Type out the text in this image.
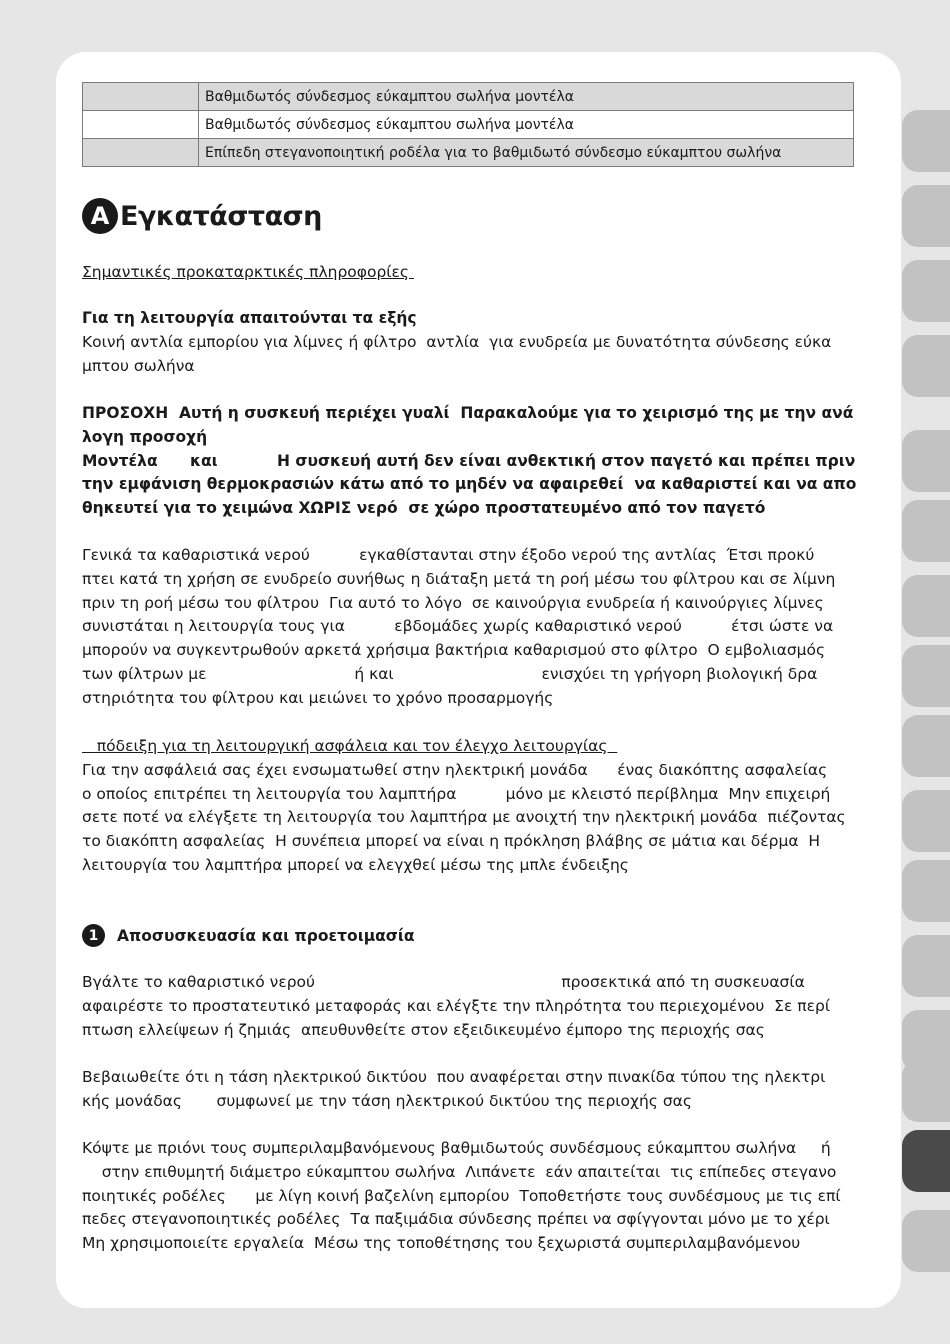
	Βαθμιδωτός σύνδεσμος εύκαμπτου σωλήνα μοντέλα
	Βαθμιδωτός σύνδεσμος εύκαμπτου σωλήνα μοντέλα
	Επίπεδη στεγανοποιητική ροδέλα για το βαθμιδωτό σύνδεσμο εύκαμπτου σωλήνα
A Εγκατάσταση

Σημαντικές προκαταρκτικές πληροφορίες

Για τη λειτουργία απαιτούνται τα εξής

Κοινή αντλία εμπορίου για λίμνες ή φίλτρο  αντλία  για ενυδρεία με δυνατότητα σύνδεσης εύκα

μπτου σωλήνα

ΠΡΟΣΟΧΗ  Αυτή η συσκευή περιέχει γυαλί  Παρακαλούμε για το χειρισμό της με την ανά

λογη προσοχή

Μοντέλα      και           Η συσκευή αυτή δεν είναι ανθεκτική στον παγετό και πρέπει πριν

την εμφάνιση θερμοκρασιών κάτω από το μηδέν να αφαιρεθεί  να καθαριστεί και να απο

θηκευτεί για το χειμώνα ΧΩΡΙΣ νερό  σε χώρο προστατευμένο από τον παγετό

Γενικά τα καθαριστικά νερού          εγκαθίστανται στην έξοδο νερού της αντλίας  Έτσι προκύ

πτει κατά τη χρήση σε ενυδρείο συνήθως η διάταξη μετά τη ροή μέσω του φίλτρου και σε λίμνη

πριν τη ροή μέσω του φίλτρου  Για αυτό το λόγο  σε καινούργια ενυδρεία ή καινούργιες λίμνες

συνιστάται η λειτουργία τους για          εβδομάδες χωρίς καθαριστικό νερού          έτσι ώστε να

μπορούν να συγκεντρωθούν αρκετά χρήσιμα βακτήρια καθαρισμού στο φίλτρο  Ο εμβολιασμός

των φίλτρων με                              ή και                              ενισχύει τη γρήγορη βιολογική δρα

στηριότητα του φίλτρου και μειώνει το χρόνο προσαρμογής

πόδειξη για τη λειτουργική ασφάλεια και τον έλεγχο λειτουργίας

Για την ασφάλειά σας έχει ενσωματωθεί στην ηλεκτρική μονάδα      ένας διακόπτης ασφαλείας

ο οποίος επιτρέπει τη λειτουργία του λαμπτήρα          μόνο με κλειστό περίβλημα  Μην επιχειρή

σετε ποτέ να ελέγξετε τη λειτουργία του λαμπτήρα με ανοιχτή την ηλεκτρική μονάδα  πιέζοντας

το διακόπτη ασφαλείας  Η συνέπεια μπορεί να είναι η πρόκληση βλάβης σε μάτια και δέρμα  Η

λειτουργία του λαμπτήρα μπορεί να ελεγχθεί μέσω της μπλε ένδειξης

1	Αποσυσκευασία και προετοιμασία

Βγάλτε το καθαριστικό νερού                                                  προσεκτικά από τη συσκευασία

αφαιρέστε το προστατευτικό μεταφοράς και ελέγξτε την πληρότητα του περιεχομένου  Σε περί

πτωση ελλείψεων ή ζημιάς  απευθυνθείτε στον εξειδικευμένο έμπορο της περιοχής σας

Βεβαιωθείτε ότι η τάση ηλεκτρικού δικτύου  που αναφέρεται στην πινακίδα τύπου της ηλεκτρι

κής μονάδας       συμφωνεί με την τάση ηλεκτρικού δικτύου της περιοχής σας

Κόψτε με πριόνι τους συμπεριλαμβανόμενους βαθμιδωτούς συνδέσμους εύκαμπτου σωλήνα     ή

στην επιθυμητή διάμετρο εύκαμπτου σωλήνα  Λιπάνετε  εάν απαιτείται  τις επίπεδες στεγανο

ποιητικές ροδέλες      με λίγη κοινή βαζελίνη εμπορίου  Τοποθετήστε τους συνδέσμους με τις επί

πεδες στεγανοποιητικές ροδέλες  Τα παξιμάδια σύνδεσης πρέπει να σφίγγονται μόνο με το χέρι

Μη χρησιμοποιείτε εργαλεία  Μέσω της τοποθέτησης του ξεχωριστά συμπεριλαμβανόμενου
